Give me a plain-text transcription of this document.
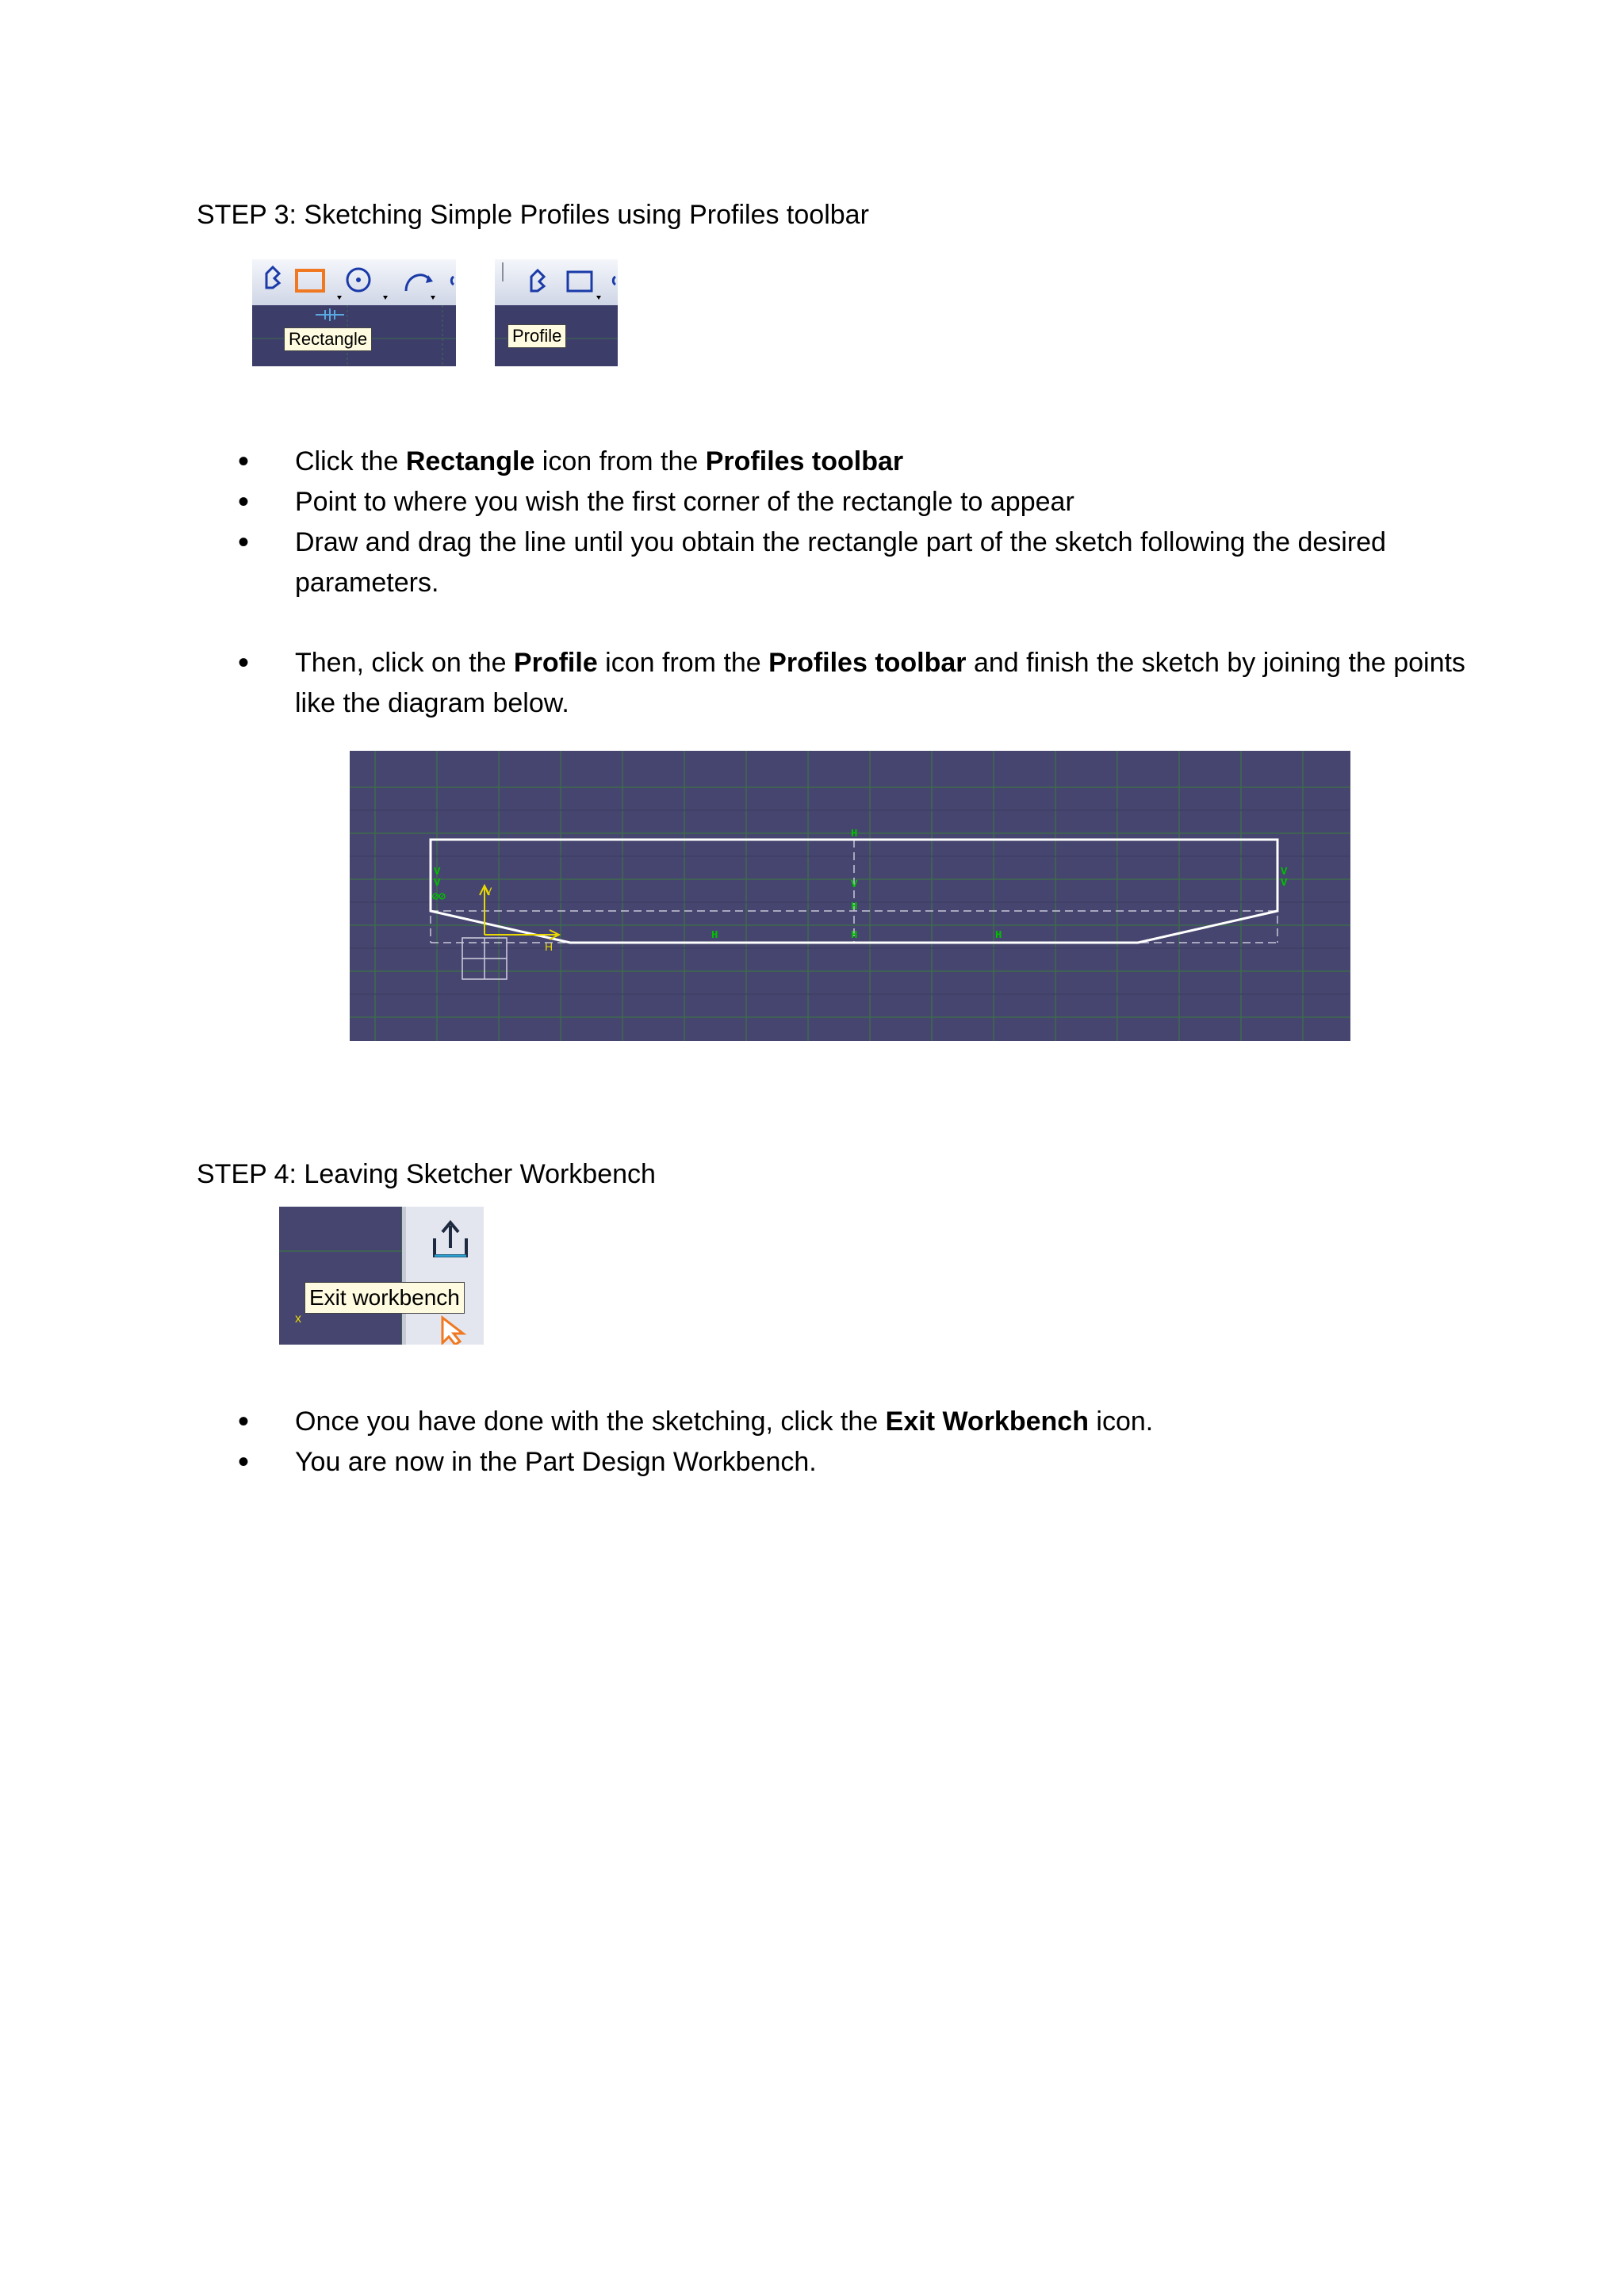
STEP 3: Sketching Simple Profiles using Profiles toolbar
Rectangle	Profile
• Click the Rectangle icon from the Profiles toolbar
• Point to where you wish the first corner of the rectangle to appear
• Draw and drag the line until you obtain the rectangle part of the sketch following the desired parameters.
• Then, click on the Profile icon from the Profiles toolbar and finish the sketch by joining the points like the diagram below.
V
H
V
V
⊘⊘
H
V
H
V
V
H	H	H
STEP 4: Leaving Sketcher Workbench
x
Exit workbench
• Once you have done with the sketching, click the Exit Workbench icon.
• You are now in the Part Design Workbench.
